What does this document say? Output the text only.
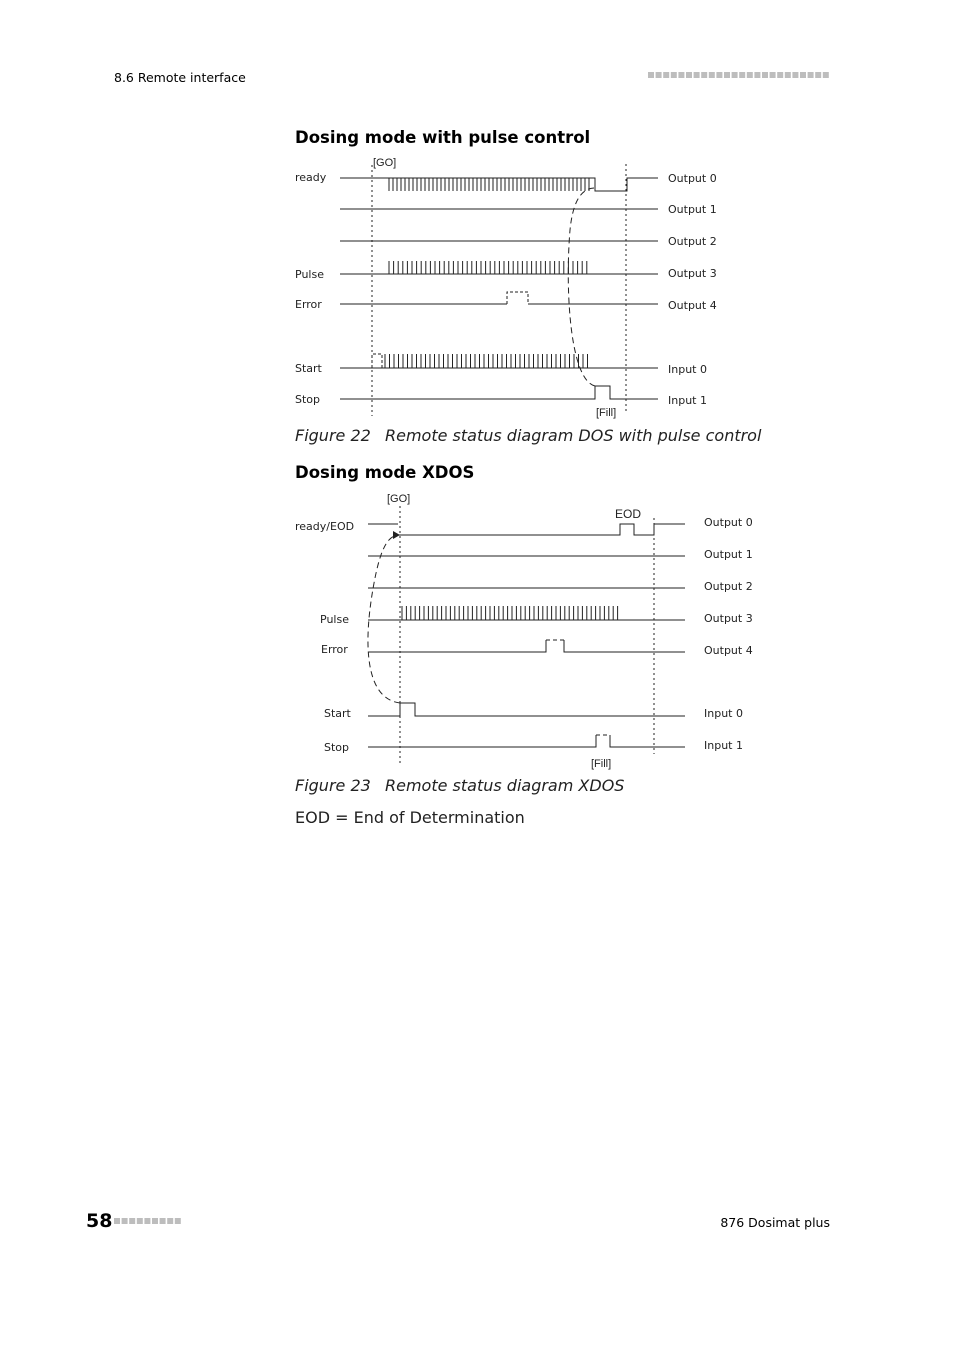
8.6 Remote interface
Dosing mode with pulse control
[GO]
[Fill]
ready
Pulse
Error
Start
Stop
Output 0
Output 1
Output 2
Output 3
Output 4
Input 0
Input 1
Figure 22 Remote status diagram DOS with pulse control
Dosing mode XDOS
[GO]
EOD
[Fill]
ready/EOD
Pulse
Error
Start
Stop
Output 0
Output 1
Output 2
Output 3
Output 4
Input 0
Input 1
Figure 23 Remote status diagram XDOS
EOD = End of Determination
58	876 Dosimat plus
